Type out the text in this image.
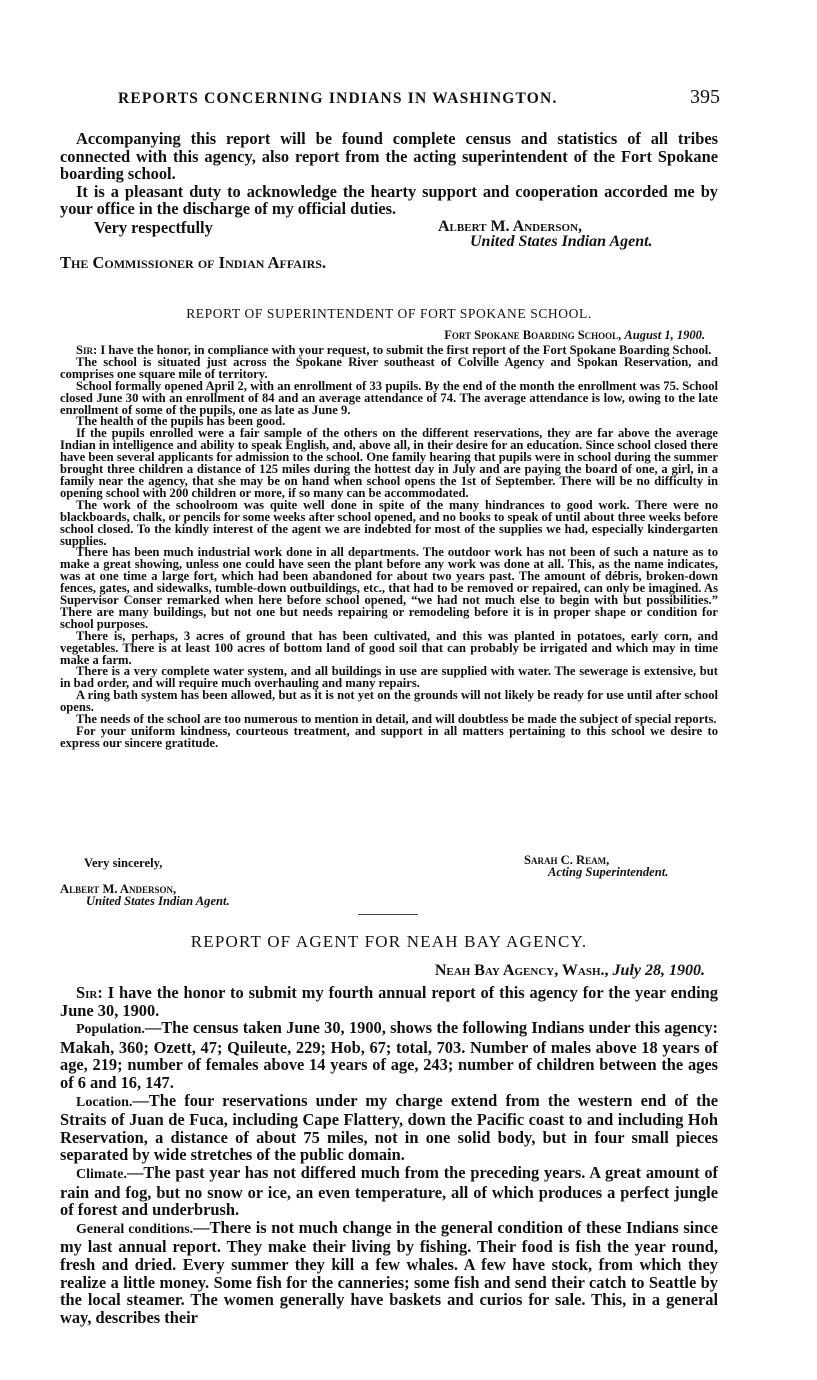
REPORTS CONCERNING INDIANS IN WASHINGTON.	395

Accompanying this report will be found complete census and statistics of all tribes connected with this agency, also report from the acting superintendent of the Fort Spokane boarding school.

It is a pleasant duty to acknowledge the hearty support and cooperation accorded me by your office in the discharge of my official duties.

Very respectfully	Albert M. Anderson,
United States Indian Agent.
The Commissioner of Indian Affairs.
REPORT OF SUPERINTENDENT OF FORT SPOKANE SCHOOL.
Fort Spokane Boarding School, August 1, 1900.

Sir: I have the honor, in compliance with your request, to submit the first report of the Fort Spokane Boarding School.

The school is situated just across the Spokane River southeast of Colville Agency and Spokan Reservation, and comprises one square mile of territory.

School formally opened April 2, with an enrollment of 33 pupils. By the end of the month the enrollment was 75. School closed June 30 with an enrollment of 84 and an average attendance of 74. The average attendance is low, owing to the late enrollment of some of the pupils, one as late as June 9.

The health of the pupils has been good.

If the pupils enrolled were a fair sample of the others on the different reservations, they are far above the average Indian in intelligence and ability to speak English, and, above all, in their desire for an education. Since school closed there have been several applicants for admission to the school. One family hearing that pupils were in school during the summer brought three children a distance of 125 miles during the hottest day in July and are paying the board of one, a girl, in a family near the agency, that she may be on hand when school opens the 1st of September. There will be no difficulty in opening school with 200 children or more, if so many can be accommodated.

The work of the schoolroom was quite well done in spite of the many hindrances to good work. There were no blackboards, chalk, or pencils for some weeks after school opened, and no books to speak of until about three weeks before school closed. To the kindly interest of the agent we are indebted for most of the supplies we had, especially kindergarten supplies.

There has been much industrial work done in all departments. The outdoor work has not been of such a nature as to make a great showing, unless one could have seen the plant before any work was done at all. This, as the name indicates, was at one time a large fort, which had been abandoned for about two years past. The amount of débris, broken-down fences, gates, and sidewalks, tumble-down outbuildings, etc., that had to be removed or repaired, can only be imagined. As Supervisor Conser remarked when here before school opened, “we had not much else to begin with but possibilities.” There are many buildings, but not one but needs repairing or remodeling before it is in proper shape or condition for school purposes.

There is, perhaps, 3 acres of ground that has been cultivated, and this was planted in potatoes, early corn, and vegetables. There is at least 100 acres of bottom land of good soil that can probably be irrigated and which may in time make a farm.

There is a very complete water system, and all buildings in use are supplied with water. The sewerage is extensive, but in bad order, and will require much overhauling and many repairs.

A ring bath system has been allowed, but as it is not yet on the grounds will not likely be ready for use until after school opens.

The needs of the school are too numerous to mention in detail, and will doubtless be made the subject of special reports.

For your uniform kindness, courteous treatment, and support in all matters pertaining to this school we desire to express our sincere gratitude.

Very sincerely,	Sarah C. Ream,
Acting Superintendent.
Albert M. Anderson,
United States Indian Agent.
REPORT OF AGENT FOR NEAH BAY AGENCY.
Neah Bay Agency, Wash., July 28, 1900.

Sir: I have the honor to submit my fourth annual report of this agency for the year ending June 30, 1900.

Population.—The census taken June 30, 1900, shows the following Indians under this agency: Makah, 360; Ozett, 47; Quileute, 229; Hob, 67; total, 703. Number of males above 18 years of age, 219; number of females above 14 years of age, 243; number of children between the ages of 6 and 16, 147.

Location.—The four reservations under my charge extend from the western end of the Straits of Juan de Fuca, including Cape Flattery, down the Pacific coast to and including Hoh Reservation, a distance of about 75 miles, not in one solid body, but in four small pieces separated by wide stretches of the public domain.

Climate.—The past year has not differed much from the preceding years. A great amount of rain and fog, but no snow or ice, an even temperature, all of which produces a perfect jungle of forest and underbrush.

General conditions.—There is not much change in the general condition of these Indians since my last annual report. They make their living by fishing. Their food is fish the year round, fresh and dried. Every summer they kill a few whales. A few have stock, from which they realize a little money. Some fish for the canneries; some fish and send their catch to Seattle by the local steamer. The women generally have baskets and curios for sale. This, in a general way, describes their
